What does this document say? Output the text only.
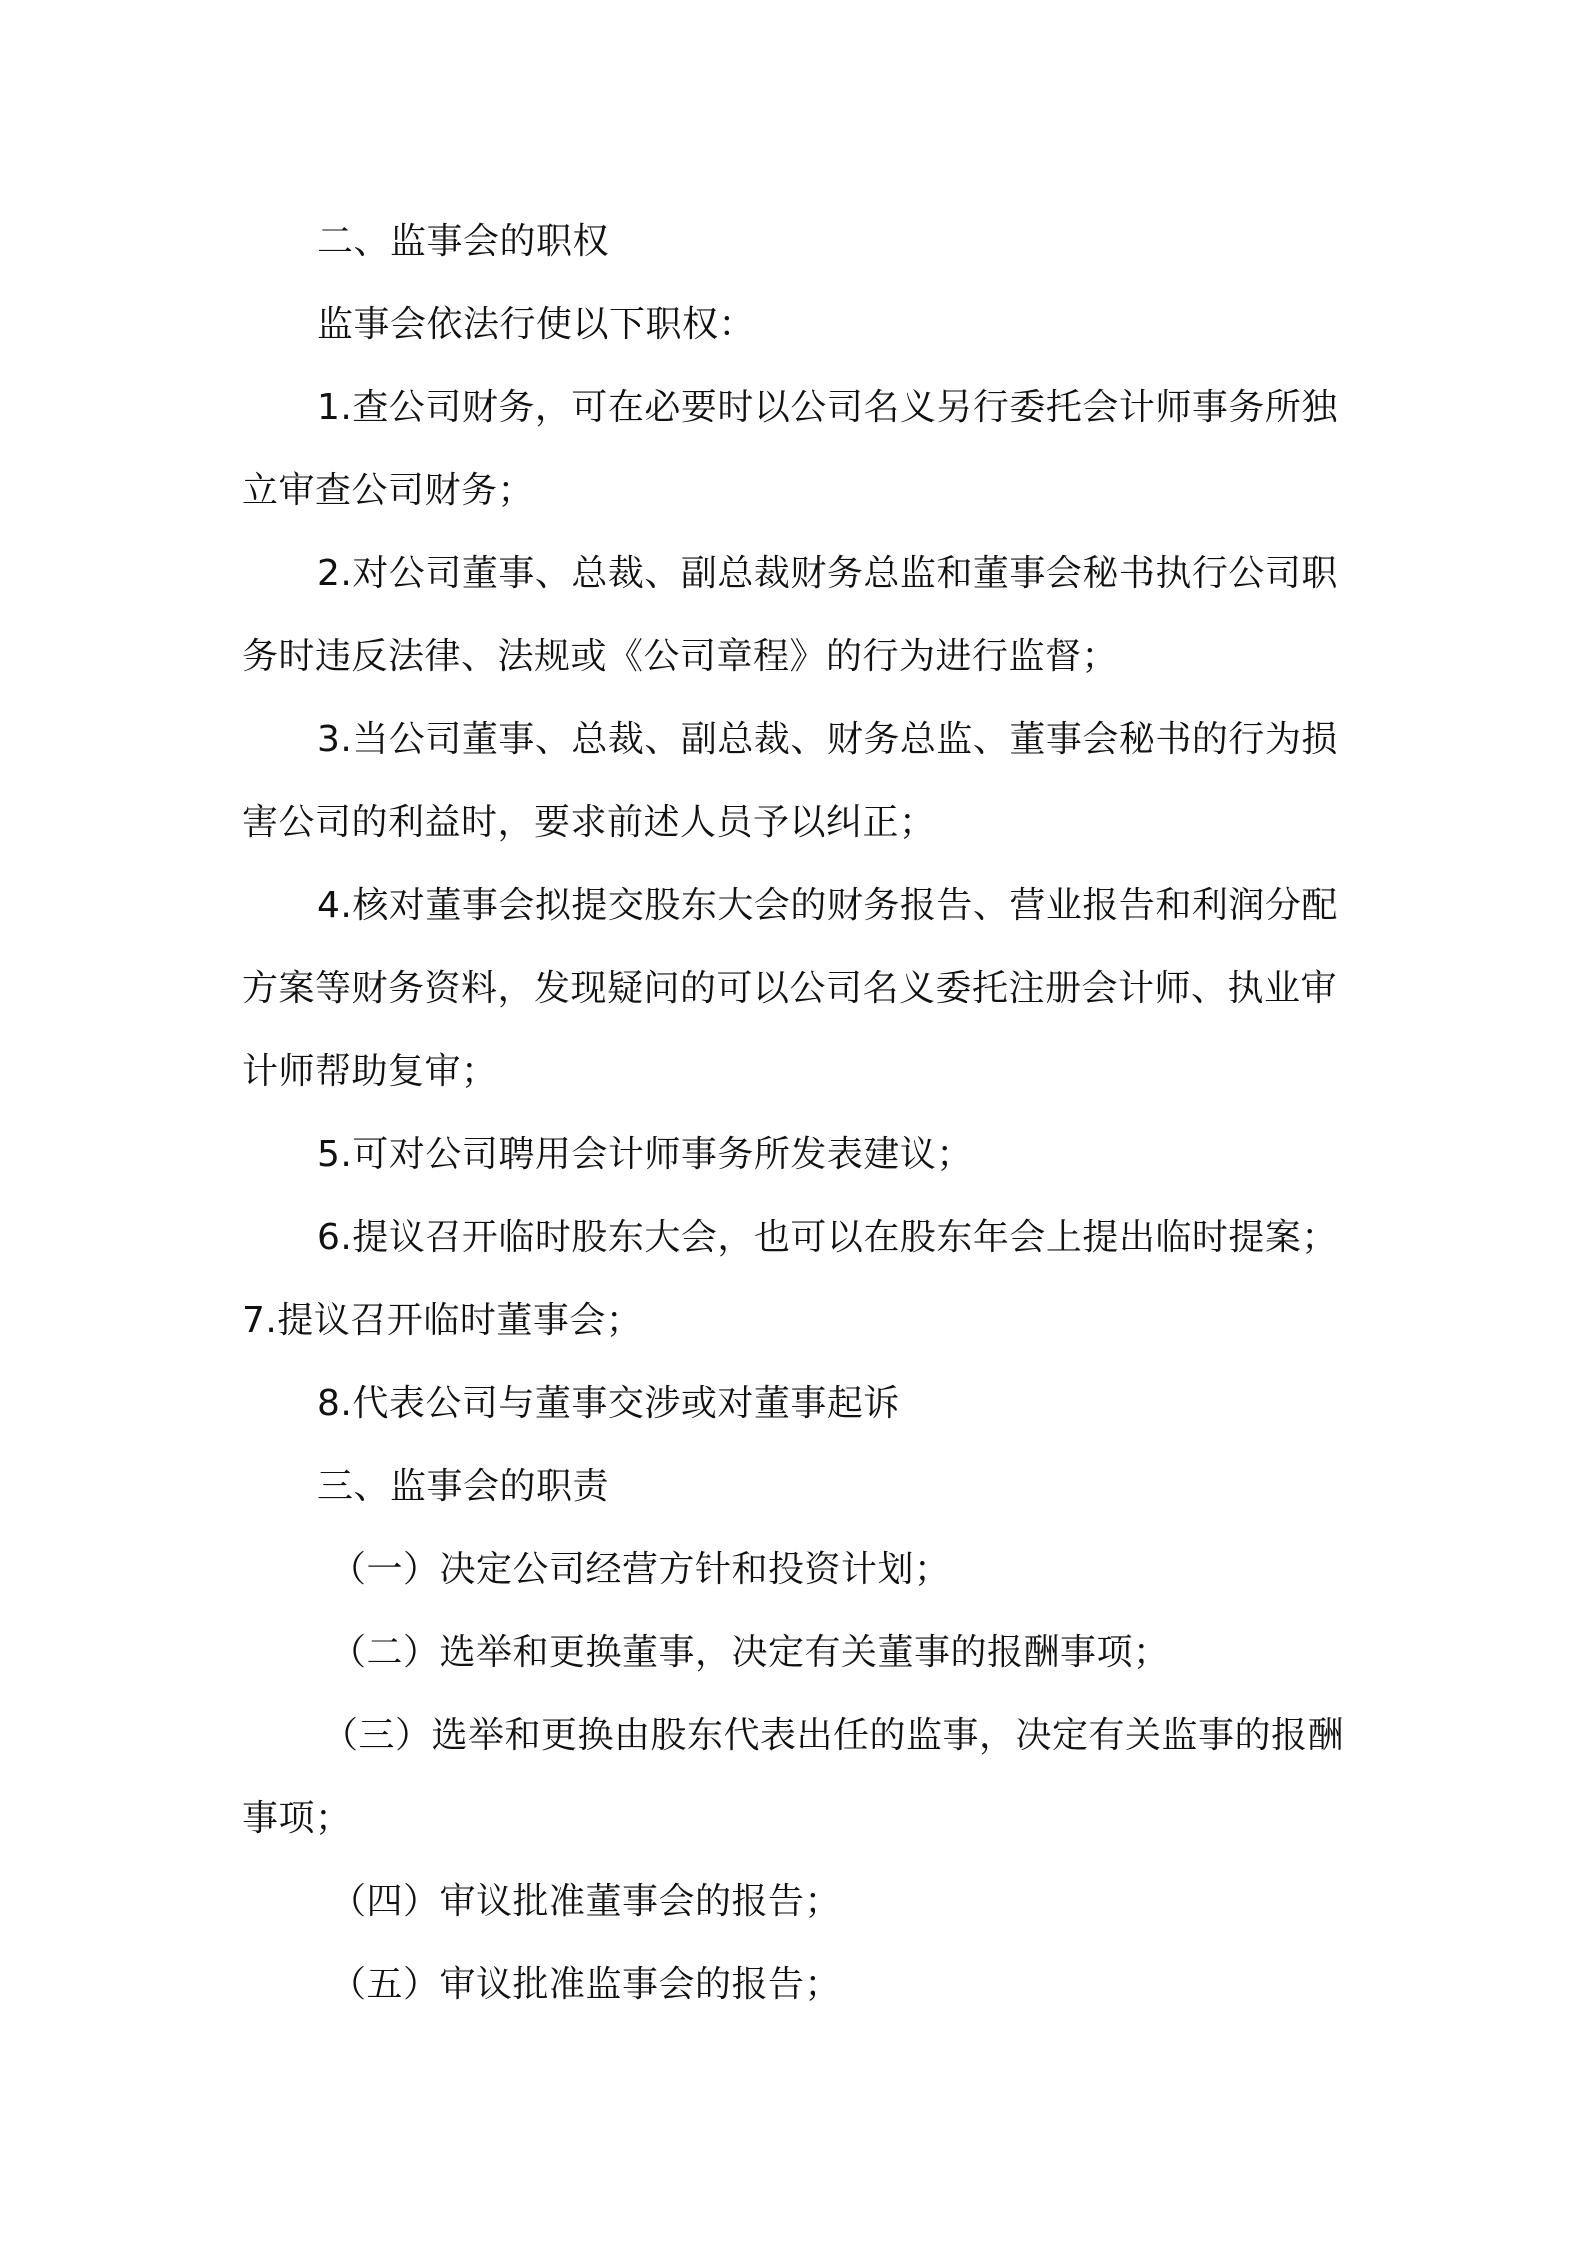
二、监事会的职权
监事会依法行使以下职权：
1.查公司财务，可在必要时以公司名义另行委托会计师事务所独
立审查公司财务；
2.对公司董事、总裁、副总裁财务总监和董事会秘书执行公司职
务时违反法律、法规或《公司章程》的行为进行监督；
3.当公司董事、总裁、副总裁、财务总监、董事会秘书的行为损
害公司的利益时，要求前述人员予以纠正；
4.核对董事会拟提交股东大会的财务报告、营业报告和利润分配
方案等财务资料，发现疑问的可以公司名义委托注册会计师、执业审
计师帮助复审；
5.可对公司聘用会计师事务所发表建议；
6.提议召开临时股东大会，也可以在股东年会上提出临时提案；
7.提议召开临时董事会；
8.代表公司与董事交涉或对董事起诉
三、监事会的职责
（一）决定公司经营方针和投资计划；
（二）选举和更换董事，决定有关董事的报酬事项；
（三）选举和更换由股东代表出任的监事，决定有关监事的报酬
事项；
（四）审议批准董事会的报告；
（五）审议批准监事会的报告；
